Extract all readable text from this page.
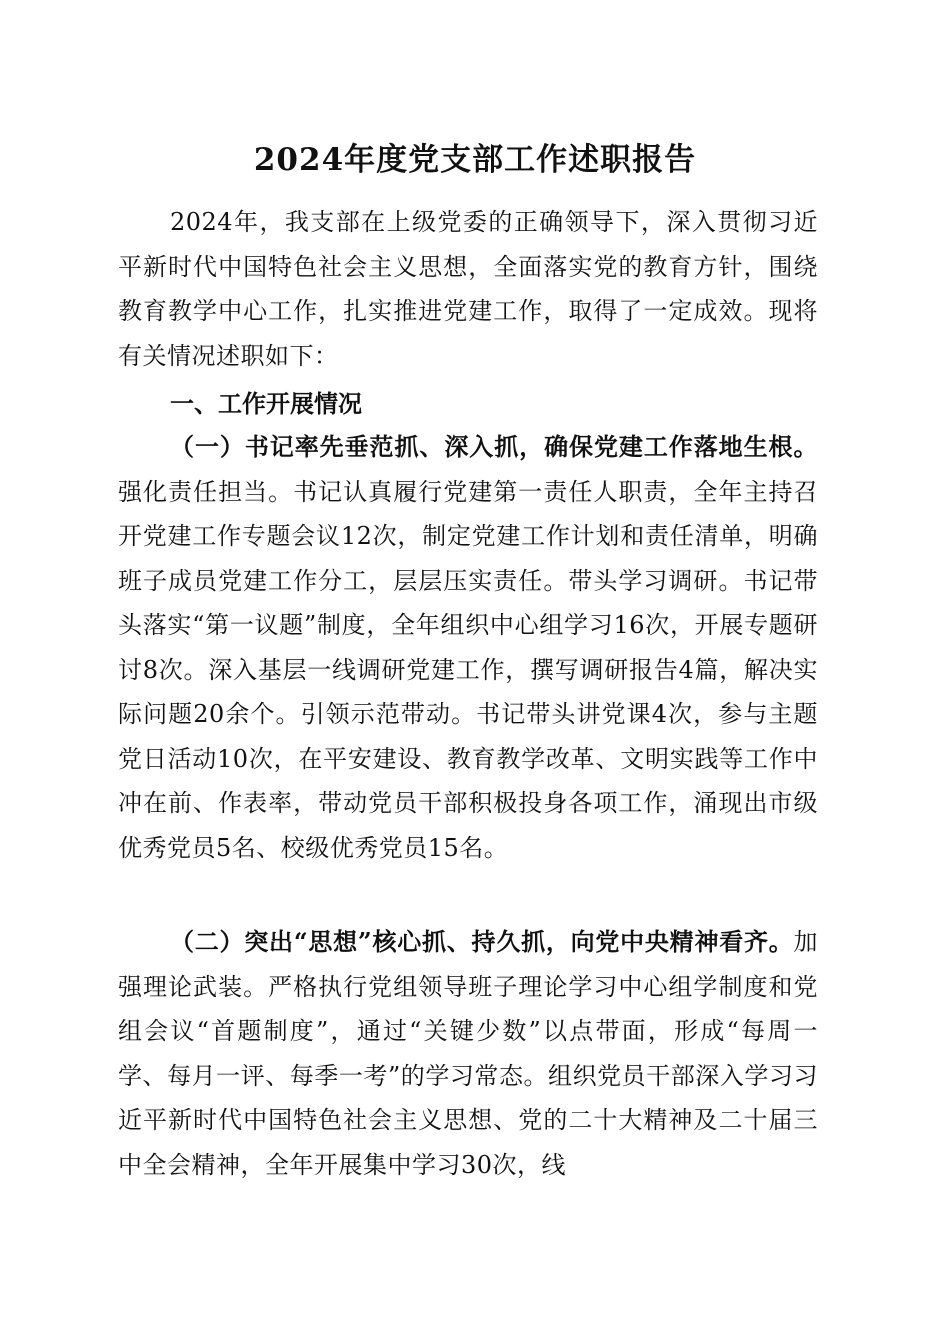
2024年度党支部工作述职报告

2024年，我支部在上级党委的正确领导下，深入贯彻习近平新时代中国特色社会主义思想，全面落实党的教育方针，围绕教育教学中心工作，扎实推进党建工作，取得了一定成效。现将有关情况述职如下：

一、工作开展情况

（一）书记率先垂范抓、深入抓，确保党建工作落地生根。强化责任担当。书记认真履行党建第一责任人职责，全年主持召开党建工作专题会议12次，制定党建工作计划和责任清单，明确班子成员党建工作分工，层层压实责任。带头学习调研。书记带头落实“第一议题”制度，全年组织中心组学习16次，开展专题研讨8次。深入基层一线调研党建工作，撰写调研报告4篇，解决实际问题20余个。引领示范带动。书记带头讲党课4次，参与主题党日活动10次，在平安建设、教育教学改革、文明实践等工作中冲在前、作表率，带动党员干部积极投身各项工作，涌现出市级优秀党员5名、校级优秀党员15名。

（二）突出“思想”核心抓、持久抓，向党中央精神看齐。加强理论武装。严格执行党组领导班子理论学习中心组学制度和党组会议“首题制度”，通过“关键少数”以点带面，形成“每周一学、每月一评、每季一考”的学习常态。组织党员干部深入学习习近平新时代中国特色社会主义思想、党的二十大精神及二十届三中全会精神，全年开展集中学习30次，线
